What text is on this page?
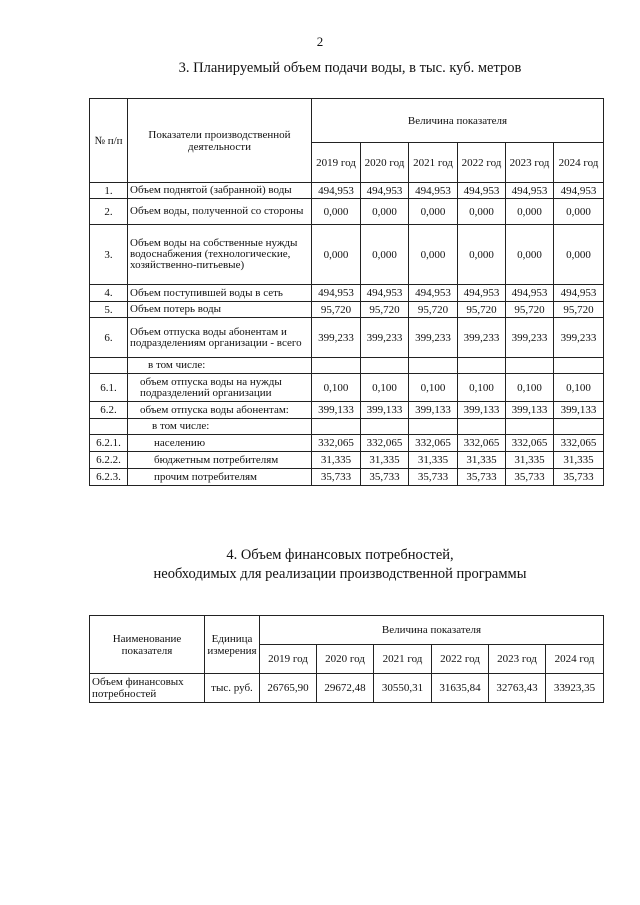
2
3. Планируемый объем подачи воды, в тыс. куб. метров
№ п/п	Показатели производственной деятельности	Величина показателя					
		2019 год	2020 год	2021 год	2022 год	2023 год	2024 год
1.	Объем поднятой (забранной) воды	494,953	494,953	494,953	494,953	494,953	494,953
2.	Объем воды, полученной со стороны	0,000	0,000	0,000	0,000	0,000	0,000
3.	Объем воды на собственные нужды водоснабжения (технологические, хозяйственно-питьевые)	0,000	0,000	0,000	0,000	0,000	0,000
4.	Объем поступившей воды в сеть	494,953	494,953	494,953	494,953	494,953	494,953
5.	Объем потерь воды	95,720	95,720	95,720	95,720	95,720	95,720
6.	Объем отпуска воды абонентам и подразделениям организации - всего	399,233	399,233	399,233	399,233	399,233	399,233
	в том числе:						
6.1.	объем отпуска воды на нужды подразделений организации	0,100	0,100	0,100	0,100	0,100	0,100
6.2.	объем отпуска воды абонентам:	399,133	399,133	399,133	399,133	399,133	399,133
	в том числе:						
6.2.1.	населению	332,065	332,065	332,065	332,065	332,065	332,065
6.2.2.	бюджетным потребителям	31,335	31,335	31,335	31,335	31,335	31,335
6.2.3.	прочим потребителям	35,733	35,733	35,733	35,733	35,733	35,733
4. Объем финансовых потребностей,
необходимых для реализации производственной программы
Наименование показателя	Единица измерения	Величина показателя					
		2019 год	2020 год	2021 год	2022 год	2023 год	2024 год
Объем финансовых потребностей	тыс. руб.	26765,90	29672,48	30550,31	31635,84	32763,43	33923,35
